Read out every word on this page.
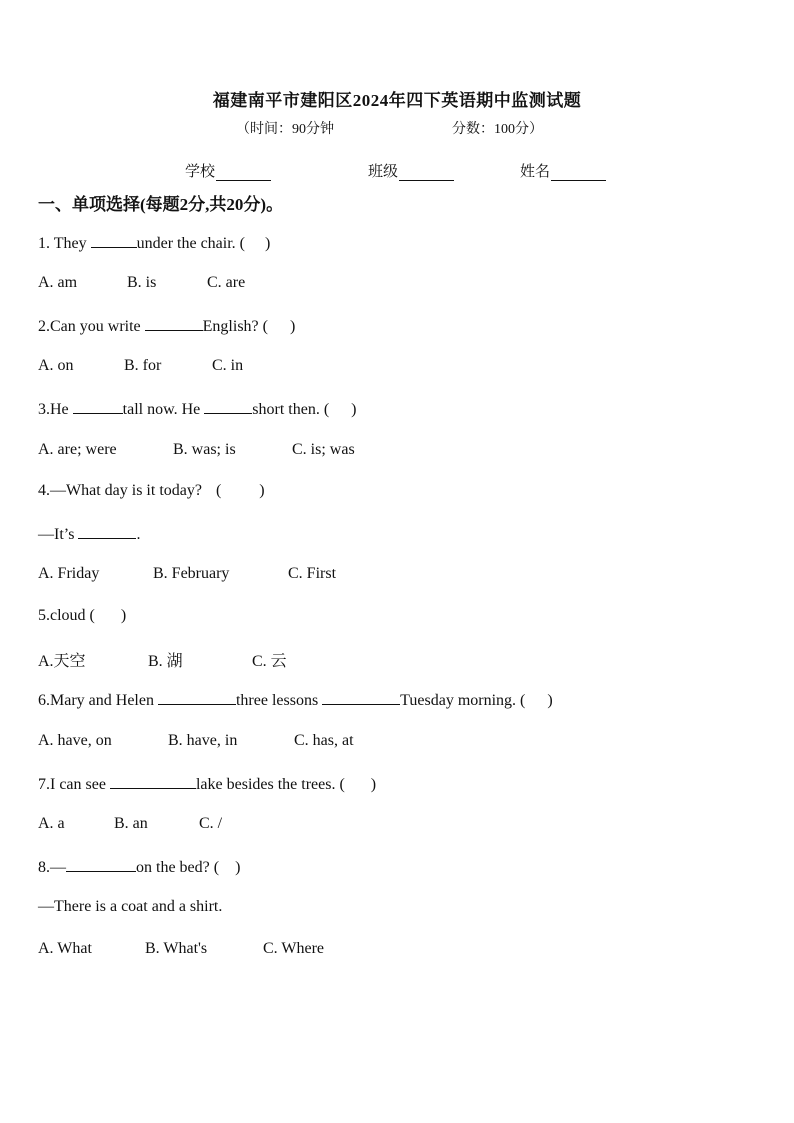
福建南平市建阳区2024年四下英语期中监测试题
（时间：90分钟	分数：100分）
学校	班级	姓名
一、单项选择(每题2分,共20分)。
1. They	under the chair. ( )
A. am	B. is	C. are
2.Can you write	English? ( )
A. on	B. for	C. in
3.He	tall now. He	short then. ( )
A. are; were	B. was; is	C. is; was
4.—What day is it today? ( )
—It’s	.
A. Friday	B. February	C. First
5.cloud ( )
A.天空	B. 湖	C. 云
6.Mary and Helen	three lessons	Tuesday morning. ( )
A. have, on	B. have, in	C. has, at
7.I can see	lake besides the trees. ( )
A. a	B. an	C. /
8.—	on the bed? ( )
—There is a coat and a shirt.
A. What	B. What's	C. Where
